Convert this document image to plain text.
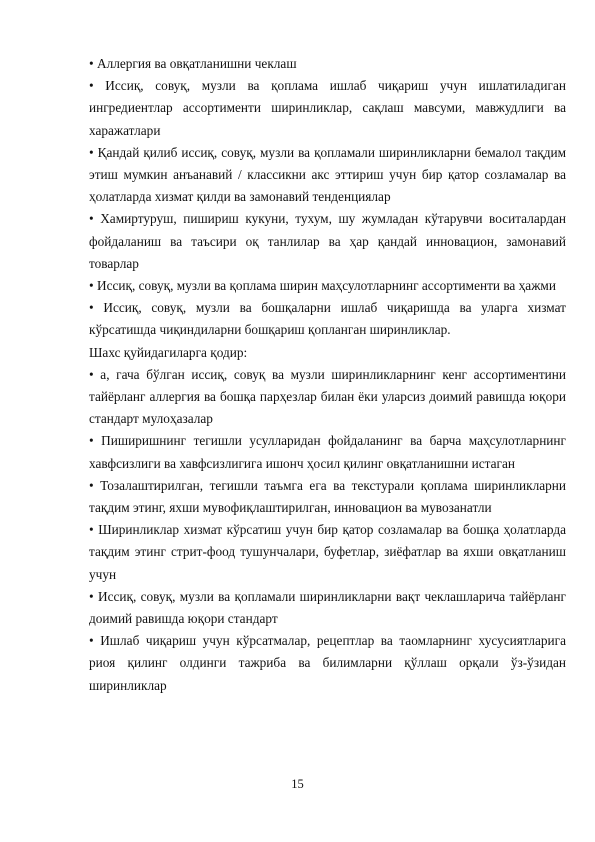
• Аллергия ва овқатланишни чеклаш

• Иссиқ, совуқ, музли ва қоплама ишлаб чиқариш учун ишлатиладиган ингредиентлар ассортименти ширинликлар, сақлаш мавсуми, мавжудлиги ва харажатлари

• Қандай қилиб иссиқ, совуқ, музли ва қопламали ширинликларни бемалол тақдим этиш мумкин анъанавий / классикни акс эттириш учун бир қатор созламалар ва ҳолатларда хизмат қилди ва замонавий тенденциялар

• Хамиртуруш, пишириш кукуни, тухум, шу жумладан кўтарувчи воситалардан фойдаланиш ва таъсири оқ танлилар ва ҳар қандай инновацион, замонавий товарлар

• Иссиқ, совуқ, музли ва қоплама ширин маҳсулотларнинг ассортименти ва ҳажми

• Иссиқ, совуқ, музли ва бошқаларни ишлаб чиқаришда ва уларга хизмат кўрсатишда чиқиндиларни бошқариш қопланган ширинликлар.

Шахс қуйидагиларга қодир:

• а, гача бўлган иссиқ, совуқ ва музли ширинликларнинг кенг ассортиментини тайёрланг аллергия ва бошқа парҳезлар билан ёки уларсиз доимий равишда юқори стандарт мулоҳазалар

• Пиширишнинг тегишли усулларидан фойдаланинг ва барча маҳсулотларнинг хавфсизлиги ва хавфсизлигига ишонч ҳосил қилинг овқатланишни истаган

• Тозалаштирилган, тегишли таъмга ега ва текстурали қоплама ширинликларни тақдим этинг, яхши мувофиқлаштирилган, инновацион ва мувозанатли

• Ширинликлар хизмат кўрсатиш учун бир қатор созламалар ва бошқа ҳолатларда тақдим этинг стрит-фоод тушунчалари, буфетлар, зиёфатлар ва яхши овқатланиш учун

• Иссиқ, совуқ, музли ва қопламали ширинликларни вақт чеклашларича тайёрланг доимий равишда юқори стандарт

• Ишлаб чиқариш учун кўрсатмалар, рецептлар ва таомларнинг хусусиятларига риоя қилинг олдинги тажриба ва билимларни қўллаш орқали ўз-ўзидан ширинликлар

15
